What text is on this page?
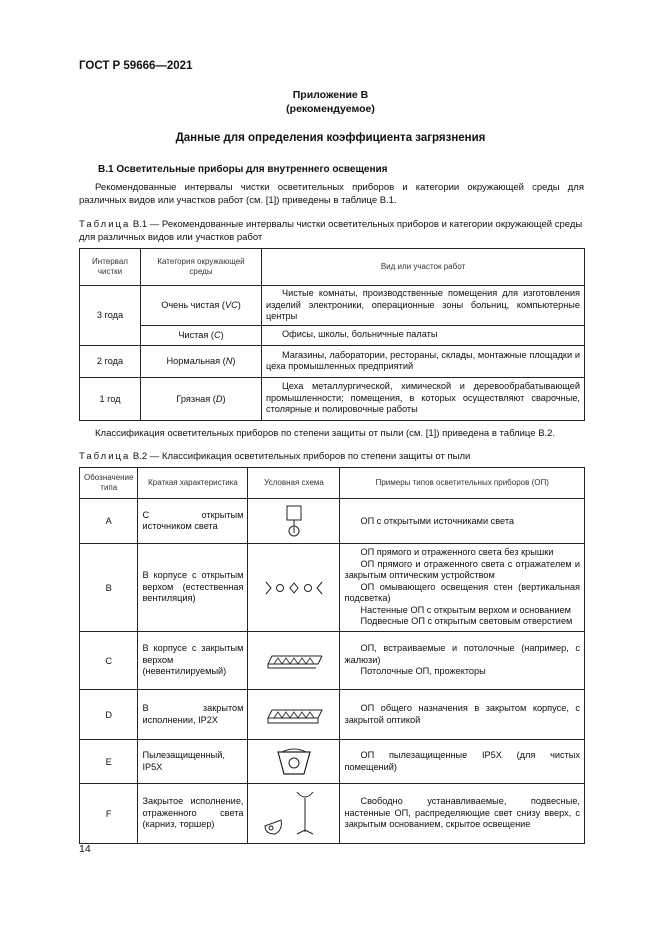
ГОСТ Р 59666—2021
Приложение В
(рекомендуемое)
Данные для определения коэффициента загрязнения
В.1 Осветительные приборы для внутреннего освещения

Рекомендованные интервалы чистки осветительных приборов и категории окружающей среды для различных видов или участков работ (см. [1]) приведены в таблице В.1.

Таблица В.1 — Рекомендованные интервалы чистки осветительных приборов и категории окружающей среды для различных видов или участков работ

Интервал чистки	Категория окружающей среды	Вид или участок работ
3 года	Очень чистая (VC)	Чистые комнаты, производственные помещения для изготовления изделий электроники, операционные зоны больниц, компьютерные центры
	Чистая (C)	Офисы, школы, больничные палаты
2 года	Нормальная (N)	Магазины, лаборатории, рестораны, склады, монтажные площадки и цеха промышленных предприятий
1 год	Грязная (D)	Цеха металлургической, химической и деревообрабатывающей промышленности; помещения, в которых осуществляют сварочные, столярные и полировочные работы

Классификация осветительных приборов по степени защиты от пыли (см. [1]) приведена в таблице В.2.

Таблица В.2 — Классификация осветительных приборов по степени защиты от пыли

Обозначение типа	Краткая характеристика	Условная схема	Примеры типов осветительных приборов (ОП)
A	С открытым источником света		ОП с открытыми источниками света

B	В корпусе с открытым верхом (естественная вентиляция)		ОП прямого и отраженного света без крышки
ОП прямого и отраженного света с отражателем и закрытым оптическим устройством
ОП омывающего освещения стен (вертикальная подсветка)
Настенные ОП с открытым верхом и основанием
Подвесные ОП с открытым световым отверстием

C	В корпусе с закрытым верхом (невентилируемый)		ОП, встраиваемые и потолочные (например, с жалюзи)
Потолочные ОП, прожекторы

D	В закрытом исполнении, IP2X		ОП общего назначения в закрытом корпусе, с закрытой оптикой

E	Пылезащищенный, IP5X		ОП пылезащищенные IP5X (для чистых помещений)

F	Закрытое исполнение, отраженного света (карниз, торшер)		Свободно устанавливаемые, подвесные, настенные ОП, распределяющие свет снизу вверх, с закрытым основанием, скрытое освещение
14
